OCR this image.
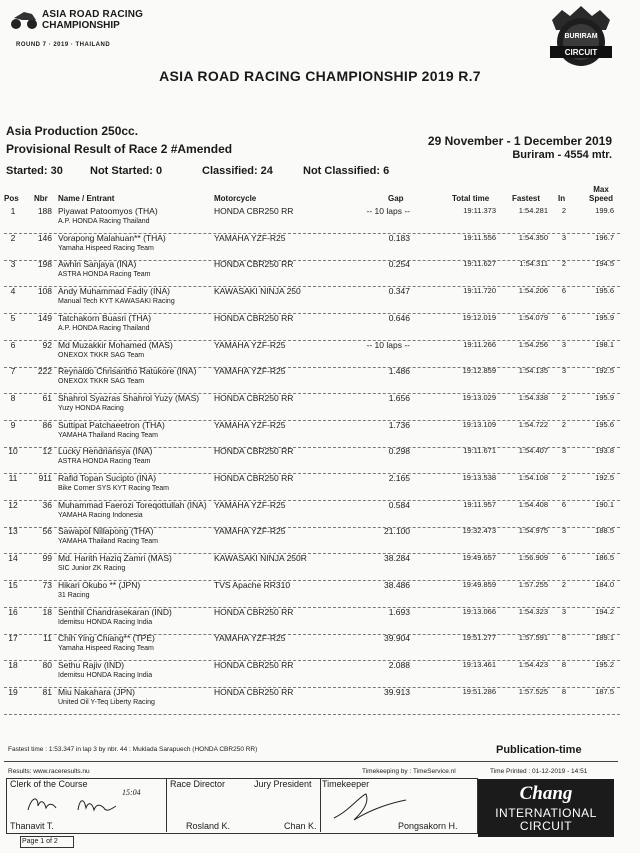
ASIA ROAD RACING
CHAMPIONSHIP
ROUND 7 · 2019 · THAILAND
BURIRAM
CIRCUIT
ASIA ROAD RACING CHAMPIONSHIP 2019 R.7
Asia Production 250cc.
Provisional Result of Race 2 #Amended
29 November - 1 December 2019
Buriram - 4554 mtr.
Started: 30 Not Started: 0	Classified: 24	Not Classified: 6
Pos Nbr Name / Entrant	Motorcycle	Gap	Total time	Fastest In
Max
Speed
1	188 Piyawat Patoomyos (THA)
A.P. HONDA Racing Thailand
HONDA CBR250 RR	-- 10 laps --	19:11.373	1:54.281	2	199.6
2	146 Vorapong Malahuan** (THA)
Yamaha Hispeed Racing Team
YAMAHA YZF-R25	0.183	19:11.556	1:54.350	3	196.7
3	198 Awhin Sanjaya (INA)
ASTRA HONDA Racing Team
HONDA CBR250 RR	0.254	19:11.627	1:54.311	2	194.5
4	108 Andy Muhammad Fadly (INA)
Manual Tech KYT KAWASAKI Racing
KAWASAKI NINJA 250	0.347	19:11.720	1:54.206	6	195.6
5	149 Tatchakorn Buasri (THA)
A.P. HONDA Racing Thailand
HONDA CBR250 RR	0.646	19:12.019	1:54.079	6	195.9
6	92 Md Muzakkir Mohamed (MAS)
ONEXOX TKKR SAG Team
YAMAHA YZF-R25	-- 10 laps --	19:11.266	1:54.256	3	198.1
7	222 Reynaldo Chrisantho Ratukore (INA)
ONEXOX TKKR SAG Team
YAMAHA YZF-R25	1.486	19:12.859	1:54.135	3	192.5
8	61 Shahrol Syazras Shahrol Yuzy (MAS)
Yuzy HONDA Racing
HONDA CBR250 RR	1.656	19:13.029	1:54.338	2	195.9
9	86 Suttipat Patchaeetron (THA)
YAMAHA Thailand Racing Team
YAMAHA YZF-R25	1.736	19:13.109	1:54.722	2	195.6
10	12 Lucky Hendriansya (INA)
ASTRA HONDA Racing Team
HONDA CBR250 RR	0.298	19:11.671	1:54.407	3	193.8
11	911 Rafid Topan Sucipto (INA)
Bike Corner SYS KYT Racing Team
HONDA CBR250 RR	2.165	19:13.538	1:54.108	2	192.5
12	36 Muhammad Faerozi Toreqottullah (INA)
YAMAHA Racing Indonesia
YAMAHA YZF-R25	0.584	19:11.957	1:54.408	6	190.1
13	56 Sawapol Nillapong (THA)
YAMAHA Thailand Racing Team
YAMAHA YZF-R25	21.100	19:32.473	1:54.975	3	188.5
14	99 Md. Harith Haziq Zamri (MAS)
SIC Junior ZK Racing
KAWASAKI NINJA 250R	38.284	19:49.657	1:56.909	6	186.5
15	73 Hikari Okubo ** (JPN)
31 Racing
TVS Apache RR310	38.486	19:49.859	1:57.255	2	184.0
16	18 Senthil Chandrasekaran (IND)
Idemitsu HONDA Racing India
HONDA CBR250 RR	1.693	19:13.066	1:54.323	3	194.2
17	11 Chih Ying Chiang** (TPE)
Yamaha Hispeed Racing Team
YAMAHA YZF-R25	39.904	19:51.277	1:57.591	8	189.1
18	80 Sethu Rajiv (IND)
Idemitsu HONDA Racing India
HONDA CBR250 RR	2.088	19:13.461	1:54.423	8	195.2
19	81 Miu Nakahara (JPN)
United Oil Y-Teq Liberty Racing
HONDA CBR250 RR	39.913	19:51.286	1:57.525	8	187.5
Fastest time : 1:53.347 in lap 3 by nbr. 44 : Muklada Sarapuech (HONDA CBR250 RR)	Publication-time
Results: www.raceresults.nu	Timekeeping by : TimeService.nl	Time Printed : 01-12-2019 - 14:51
Clerk of the Course
15:04
Thanavit T.
Race Director
Rosland K.
Jury President
Chan K.
Timekeeper
Pongsakorn H.
Chang
INTERNATIONAL
CIRCUIT
Page 1 of 2
